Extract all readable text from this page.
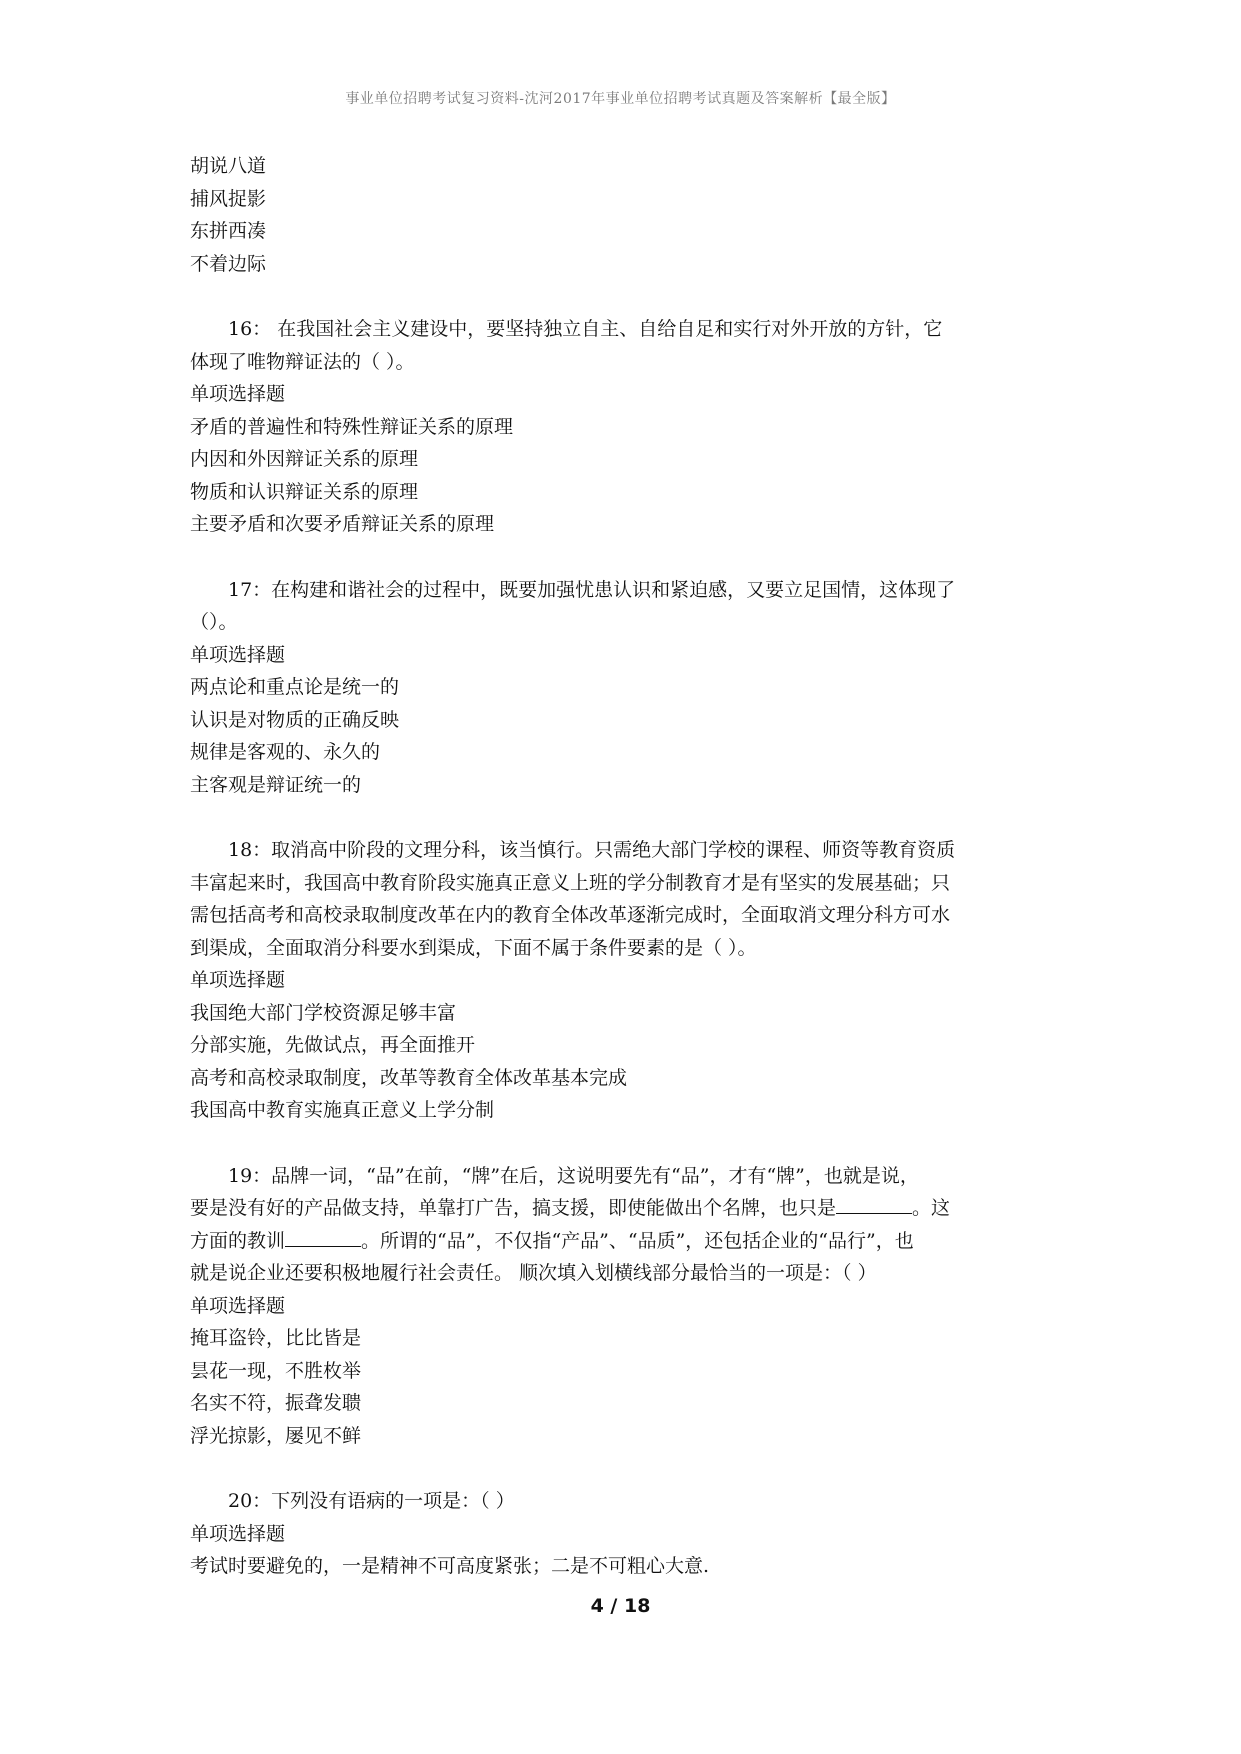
事业单位招聘考试复习资料-沈河2017年事业单位招聘考试真题及答案解析【最全版】
胡说八道
捕风捉影
东拼西凑
不着边际
16： 在我国社会主义建设中，要坚持独立自主、自给自足和实行对外开放的方针，它
体现了唯物辩证法的（ ）。
单项选择题
矛盾的普遍性和特殊性辩证关系的原理
内因和外因辩证关系的原理
物质和认识辩证关系的原理
主要矛盾和次要矛盾辩证关系的原理
17：在构建和谐社会的过程中，既要加强忧患认识和紧迫感，又要立足国情，这体现了
（）。
单项选择题
两点论和重点论是统一的
认识是对物质的正确反映
规律是客观的、永久的
主客观是辩证统一的
18：取消高中阶段的文理分科，该当慎行。只需绝大部门学校的课程、师资等教育资质
丰富起来时，我国高中教育阶段实施真正意义上班的学分制教育才是有坚实的发展基础；只
需包括高考和高校录取制度改革在内的教育全体改革逐渐完成时，全面取消文理分科方可水
到渠成，全面取消分科要水到渠成，下面不属于条件要素的是（ ）。
单项选择题
我国绝大部门学校资源足够丰富
分部实施，先做试点，再全面推开
高考和高校录取制度，改革等教育全体改革基本完成
我国高中教育实施真正意义上学分制
19：品牌一词，“品”在前，“牌”在后，这说明要先有“品”，才有“牌”，也就是说，
要是没有好的产品做支持，单靠打广告，搞支援，即使能做出个名牌，也只是	。这
方面的教训	。所谓的“品”，不仅指“产品”、“品质”，还包括企业的“品行”，也
就是说企业还要积极地履行社会责任。 顺次填入划横线部分最恰当的一项是：（ ）
单项选择题
掩耳盗铃，比比皆是
昙花一现，不胜枚举
名实不符，振聋发聩
浮光掠影，屡见不鲜
20：下列没有语病的一项是：（ ）
单项选择题
考试时要避免的，一是精神不可高度紧张；二是不可粗心大意.
4 / 18
